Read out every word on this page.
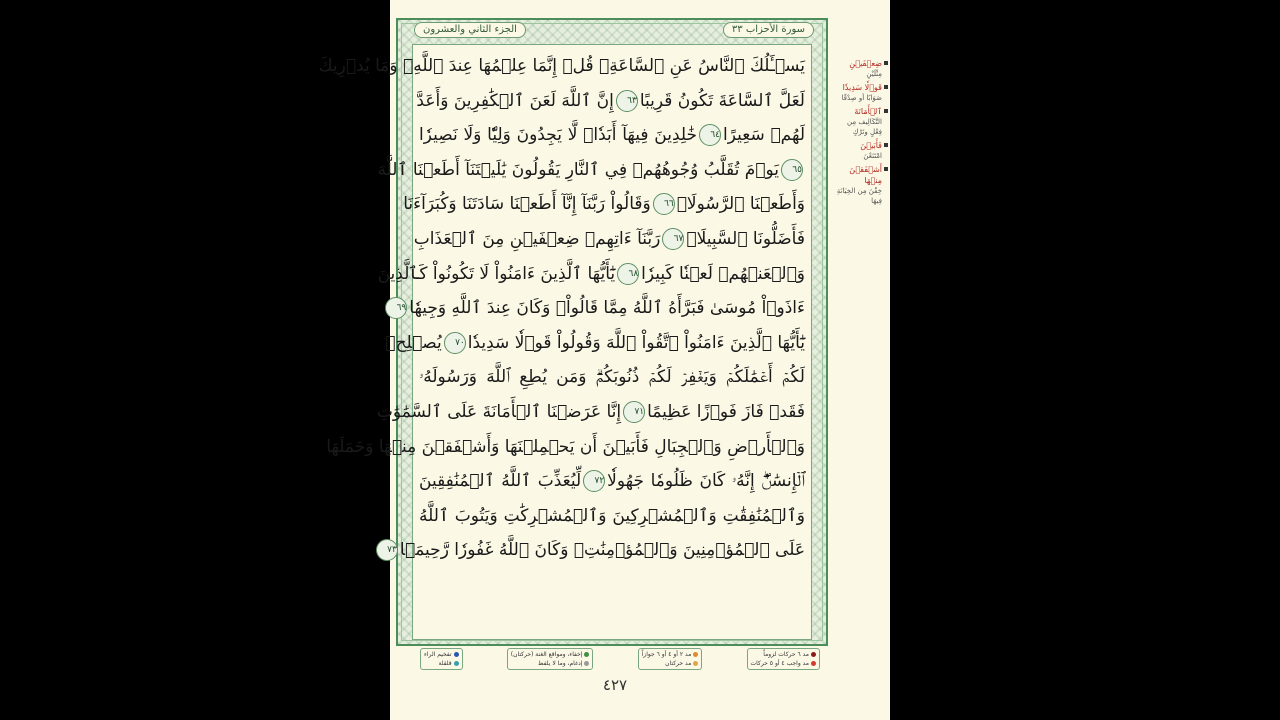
سورة الأحزاب ٣٣
الجزء الثاني والعشرون
يَسۡـَٔلُكَ ٱلنَّاسُ عَنِ ٱلسَّاعَةِۖ قُلۡ إِنَّمَا عِلۡمُهَا عِندَ ٱللَّهِۚ وَمَا يُدۡرِيكَ
لَعَلَّ ٱلسَّاعَةَ تَكُونُ قَرِيبًا٦٣إِنَّ ٱللَّهَ لَعَنَ ٱلۡكَٰفِرِينَ وَأَعَدَّ
لَهُمۡ سَعِيرًا٦٤خَٰلِدِينَ فِيهَآ أَبَدٗاۖ لَّا يَجِدُونَ وَلِيّٗا وَلَا نَصِيرٗا
٦٥يَوۡمَ تُقَلَّبُ وُجُوهُهُمۡ فِي ٱلنَّارِ يَقُولُونَ يَٰلَيۡتَنَآ أَطَعۡنَا ٱللَّهَ
وَأَطَعۡنَا ٱلرَّسُولَا۠٦٦وَقَالُواْ رَبَّنَآ إِنَّآ أَطَعۡنَا سَادَتَنَا وَكُبَرَآءَنَا
فَأَضَلُّونَا ٱلسَّبِيلَا۠٦٧رَبَّنَآ ءَاتِهِمۡ ضِعۡفَيۡنِ مِنَ ٱلۡعَذَابِ
وَٱلۡعَنۡهُمۡ لَعۡنٗا كَبِيرٗا٦٨يَٰٓأَيُّهَا ٱلَّذِينَ ءَامَنُواْ لَا تَكُونُواْ كَٱلَّذِينَ
ءَاذَوۡاْ مُوسَىٰ فَبَرَّأَهُ ٱللَّهُ مِمَّا قَالُواْۚ وَكَانَ عِندَ ٱللَّهِ وَجِيهٗا٦٩
يَٰٓأَيُّهَا ٱلَّذِينَ ءَامَنُواْ ٱتَّقُواْ ٱللَّهَ وَقُولُواْ قَوۡلٗا سَدِيدٗا٧٠يُصۡلِحۡ
لَكُمۡ أَعۡمَٰلَكُمۡ وَيَغۡفِرۡ لَكُمۡ ذُنُوبَكُمۡۗ وَمَن يُطِعِ ٱللَّهَ وَرَسُولَهُۥ
فَقَدۡ فَازَ فَوۡزًا عَظِيمًا٧١إِنَّا عَرَضۡنَا ٱلۡأَمَانَةَ عَلَى ٱلسَّمَٰوَٰتِ
وَٱلۡأَرۡضِ وَٱلۡجِبَالِ فَأَبَيۡنَ أَن يَحۡمِلۡنَهَا وَأَشۡفَقۡنَ مِنۡهَا وَحَمَلَهَا
ٱلۡإِنسَٰنُۖ إِنَّهُۥ كَانَ ظَلُومٗا جَهُولٗا٧٢لِّيُعَذِّبَ ٱللَّهُ ٱلۡمُنَٰفِقِينَ
وَٱلۡمُنَٰفِقَٰتِ وَٱلۡمُشۡرِكِينَ وَٱلۡمُشۡرِكَٰتِ وَيَتُوبَ ٱللَّهُ
عَلَى ٱلۡمُؤۡمِنِينَ وَٱلۡمُؤۡمِنَٰتِۗ وَكَانَ ٱللَّهُ غَفُورٗا رَّحِيمَۢا٧٣
ضِعۡفَيۡنِ
مِثْلَيْنِ
قَوۡلٗا سَدِيدٗا
صَوَابًا أو صِدْقًا
ٱلۡأَمَانَةَ
التَّكَالِيف مِن فِعْلٍ وتَرْكٍ
فَأَبَيۡنَ
امْتَنَعْنَ
أَشۡفَقۡنَ مِنۡهَا
خِفْنَ مِن الخِيَانَةِ فِيهَا
مد ٦ حركات لزوماً
مد واجب ٤ أو ٥ حركات
مد ٢ أو ٤ أو ٦ جوازاً
مد حركتان
إخفاء، ومواقع الغنة (حركتان)
إدغام، وما لا يلفظ
تفخيم الراء
قلقلة
٤٢٧
